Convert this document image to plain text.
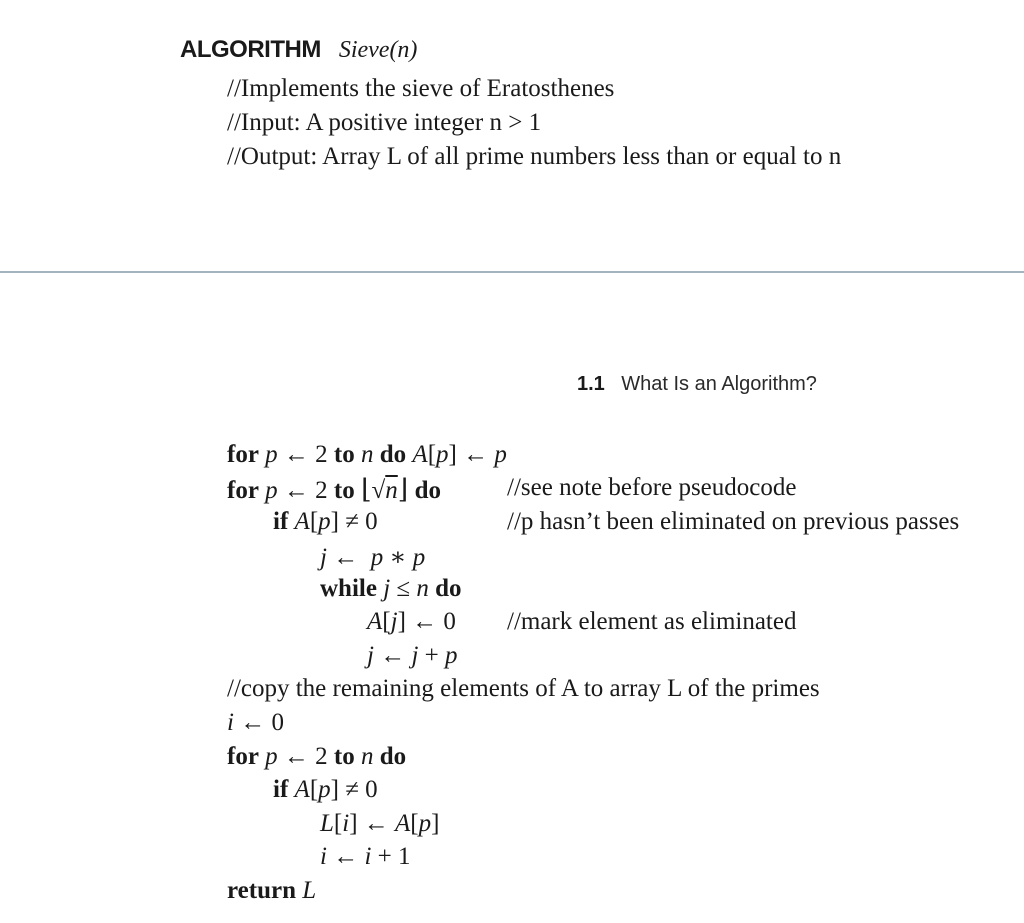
ALGORITHM Sieve(n)
//Implements the sieve of Eratosthenes
//Input: A positive integer n > 1
//Output: Array L of all prime numbers less than or equal to n
1.1 What Is an Algorithm?
for p ← 2 to n do A[p] ← p
for p ← 2 to ⌊√n⌋ do	//see note before pseudocode
if A[p] ≠ 0	//p hasn’t been eliminated on previous passes
j ←  p ∗ p
while j ≤ n do
A[j] ← 0 //mark element as eliminated
j ← j + p
//copy the remaining elements of A to array L of the primes
i ← 0
for p ← 2 to n do
if A[p] ≠ 0
L[i] ← A[p]
i ← i + 1
return L
